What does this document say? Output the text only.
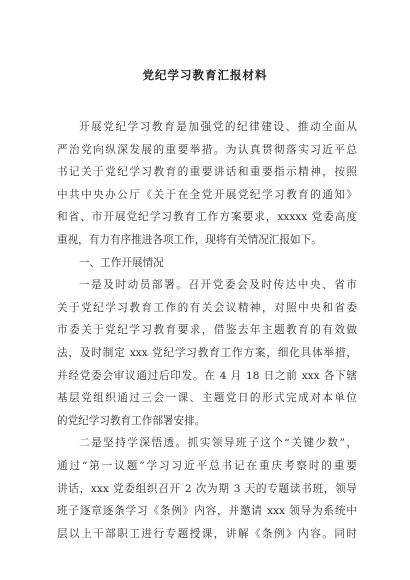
党纪学习教育汇报材料
开展党纪学习教育是加强党的纪律建设、推动全面从
严治党向纵深发展的重要举措。为认真贯彻落实习近平总
书记关于党纪学习教育的重要讲话和重要指示精神，按照
中共中央办公厅《关于在全党开展党纪学习教育的通知》
和省、市开展党纪学习教育工作方案要求，xxxxx 党委高度
重视，有力有序推进各项工作，现将有关情况汇报如下。
一、工作开展情况
一是及时动员部署。召开党委会及时传达中央、省市
关于党纪学习教育工作的有关会议精神，对照中央和省委
市委关于党纪学习教育要求，借鉴去年主题教育的有效做
法，及时制定 xxx 党纪学习教育工作方案，细化具体举措，
并经党委会审议通过后印发。在 4 月 18 日之前 xxx 各下辖
基层党组织通过三会一课、主题党日的形式完成对本单位
的党纪学习教育工作部署安排。
二是坚持学深悟透。抓实领导班子这个“关键少数”，
通过“第一议题”学习习近平总书记在重庆考察时的重要
讲话，xxx 党委组织召开 2 次为期 3 天的专题读书班，领导
班子逐章逐条学习《条例》内容，并邀请 xxx 领导为系统中
层以上干部职工进行专题授课，讲解《条例》内容。同时
